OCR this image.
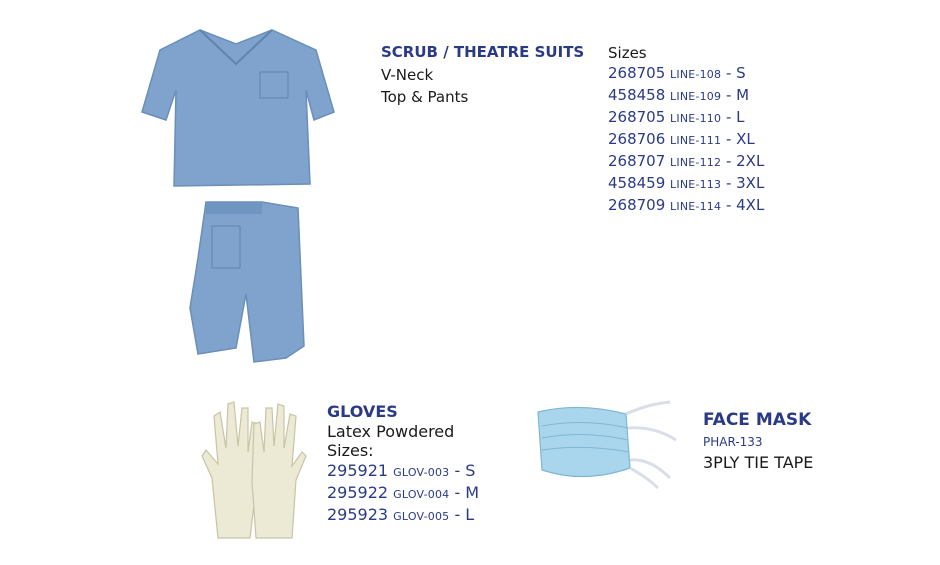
SCRUB / THEATRE SUITS
V-Neck
Top & Pants
Sizes
268705 LINE-108 - S
458458 LINE-109 - M
268705 LINE-110 - L
268706 LINE-111 - XL
268707 LINE-112 - 2XL
458459 LINE-113 - 3XL
268709 LINE-114 - 4XL
GLOVES
Latex Powdered
Sizes:
295921 GLOV-003 - S
295922 GLOV-004 - M
295923 GLOV-005 - L
FACE MASK
PHAR-133
3PLY TIE TAPE
